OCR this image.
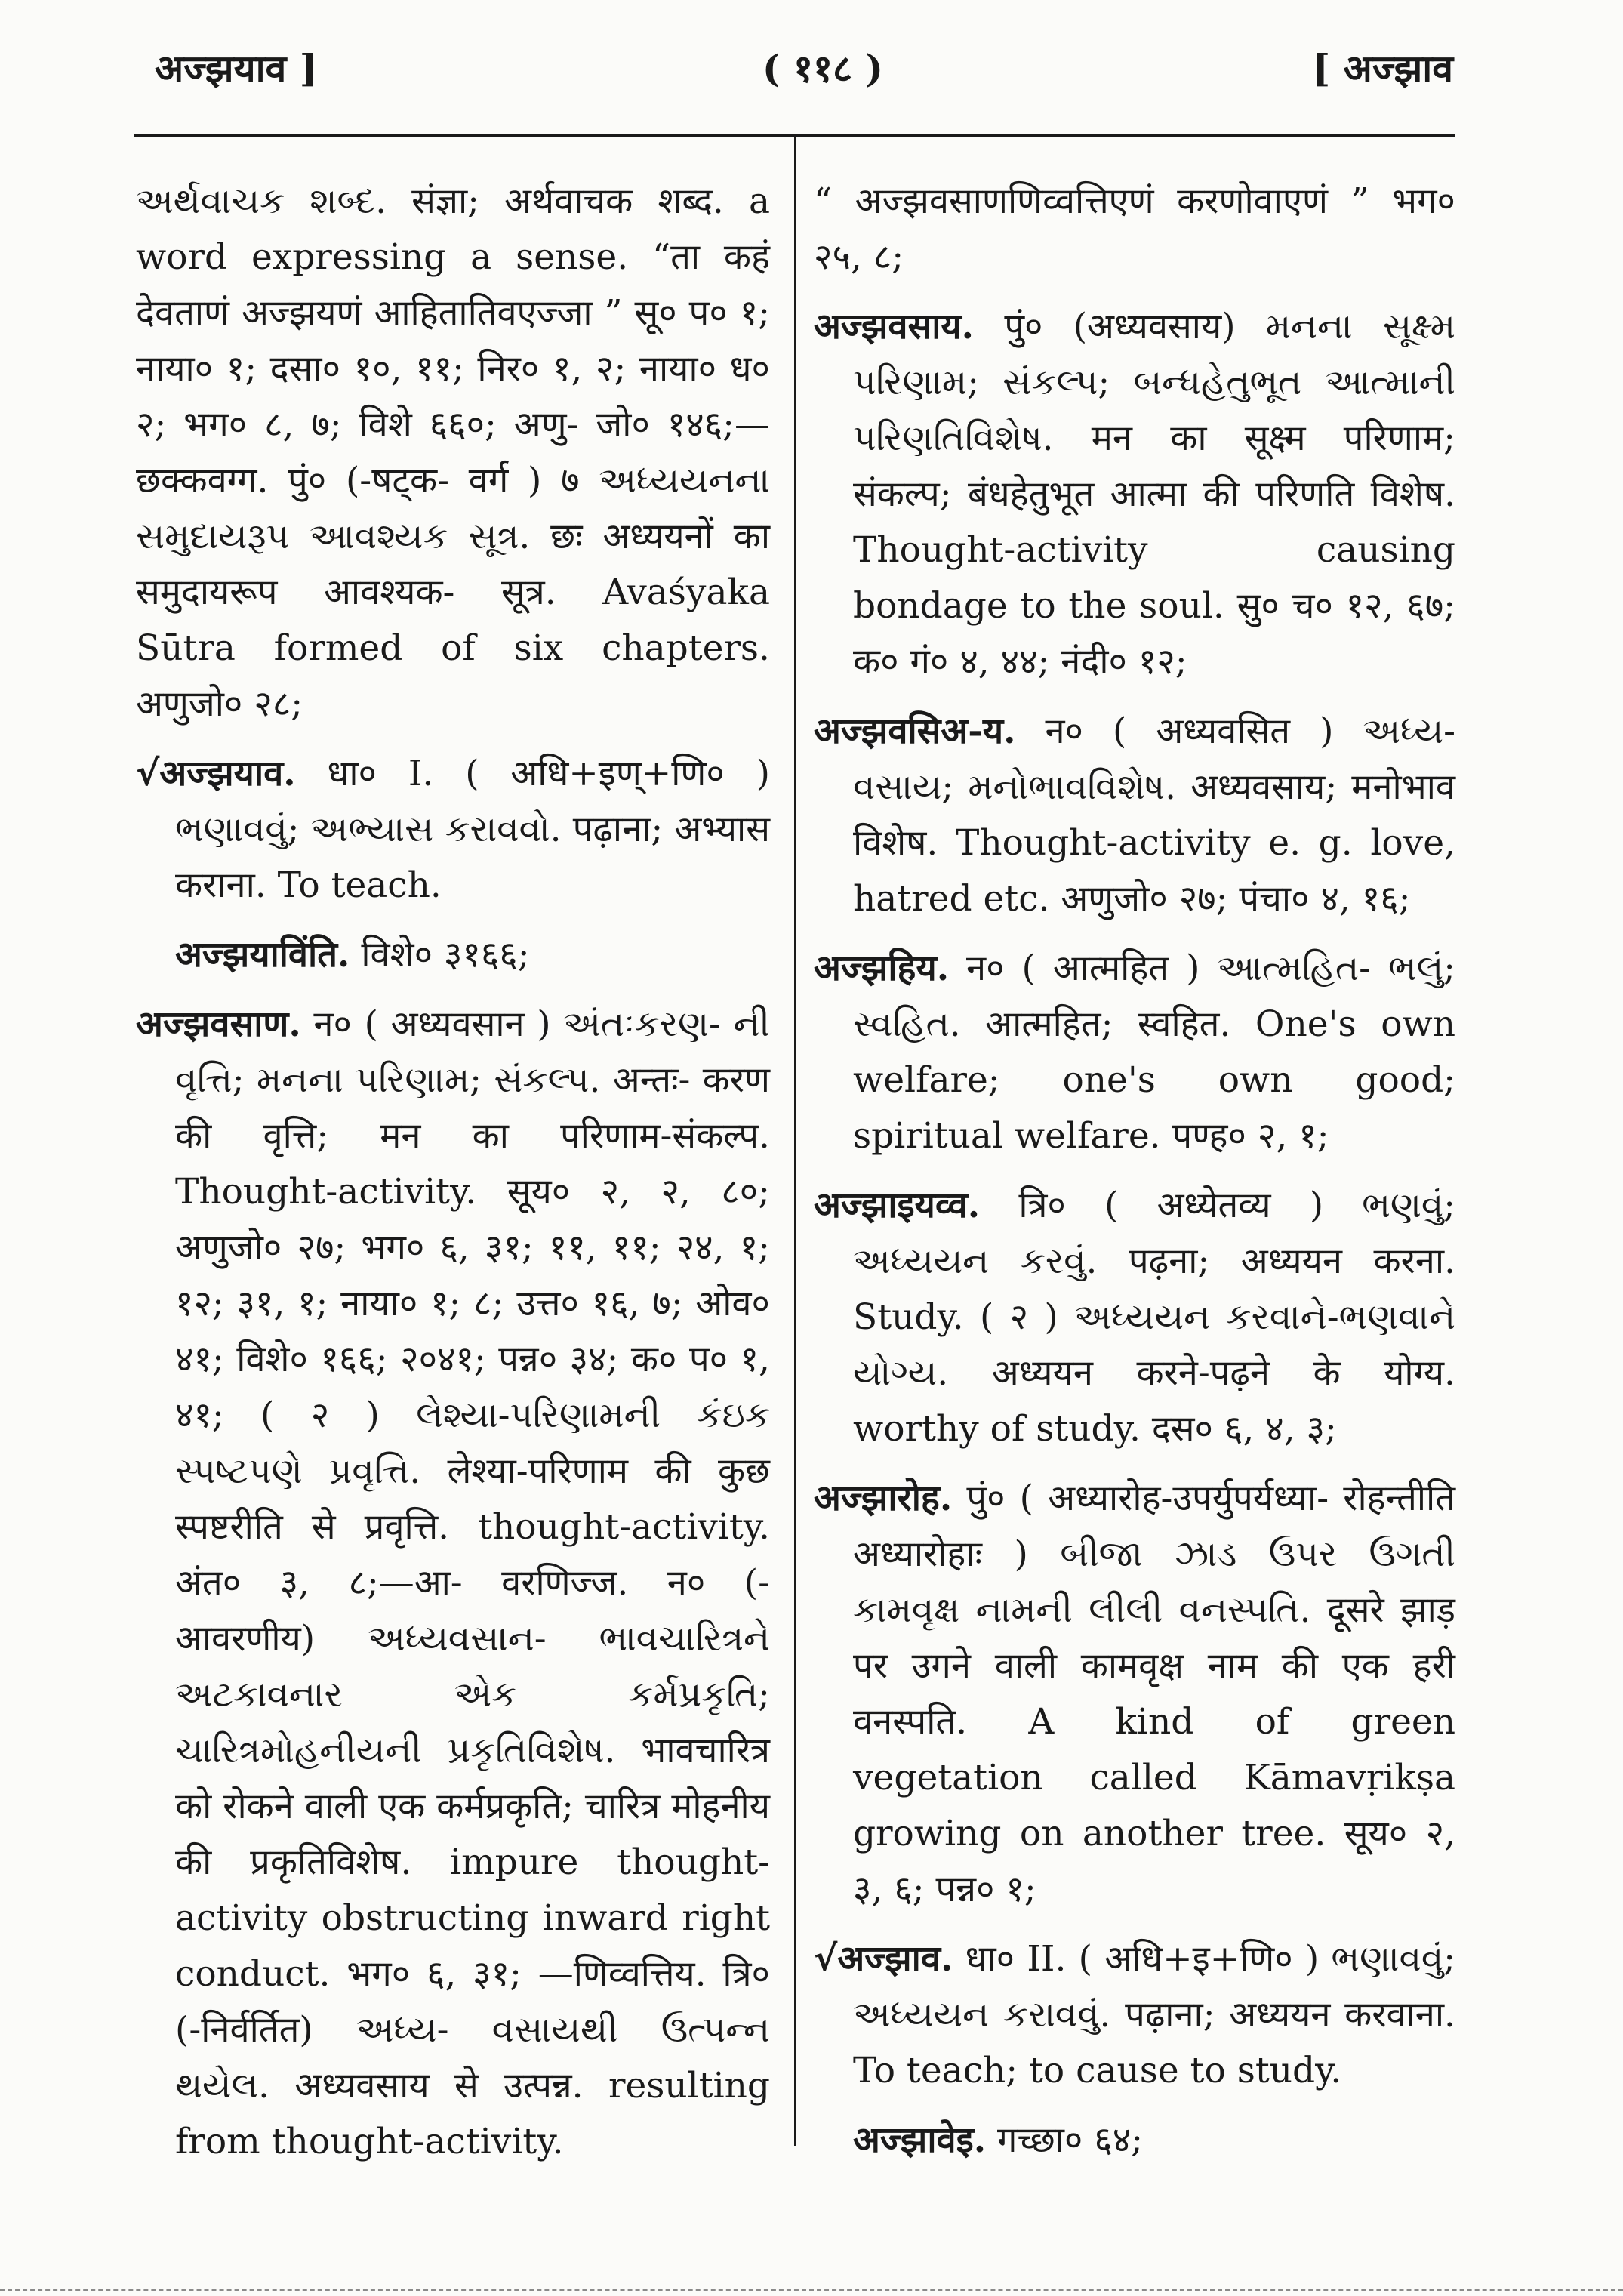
अज्झयाव ]	( ११८ )	[ अज्झाव
અર્થવાચક શબ્દ. संज्ञा; अर्थवाचक शब्द. a word expressing a sense. “ता कहं देवताणं अज्झयणं आहितातिवएज्जा ” सू० प० १; नाया० १; दसा० १०, ११; निर० १, २; नाया० ध० २; भग० ८, ७; विशे ६६०; अणु- जो० १४६;—छक्कवग्ग. पुं० (-षट्क- वर्ग ) ७ અધ્યયનના સમુદાયરૂપ આવશ્યક સૂત્ર. छः अध्ययनों का समुदायरूप आवश्यक- सूत्र. Avaśyaka Sūtra formed of six chapters. अणुजो० २८;
√अज्झयाव. धा० I. ( अधि+इण्+णि० ) ભણાવવું; અભ્યાસ કરાવવો. पढ़ाना; अभ्यास कराना. To teach.
अज्झयाविंति. विशे० ३१६६;
अज्झवसाण. न० ( अध्यवसान ) અંતઃકરણ- ની વૃત્તિ; મનના પરિણામ; સંકલ્પ. अन्तः- करण की वृत्ति; मन का परिणाम-संकल्प. Thought-activity. सूय० २, २, ८०; अणुजो० २७; भग० ६, ३१; ११, ११; २४, १; १२; ३१, १; नाया० १; ८; उत्त० १६, ७; ओव० ४१; विशे० १६६; २०४१; पन्न० ३४; क० प० १, ४१; ( २ ) લેશ્યા-પરિણામની કંઇક સ્પષ્ટપણે પ્રવૃત્તિ. लेश्या-परिणाम की कुछ स्पष्टरीति से प्रवृत्ति. thought-activity. अंत० ३, ८;—आ- वरणिज्ज. न० (-आवरणीय) અધ્યવસાન- ભાવચારિત્રને અટકાવનાર એક કર્મપ્રકૃતિ; ચારિત્રમોહનીયની પ્રકૃતિવિશેષ. भावचारित्र को रोकने वाली एक कर्मप्रकृति; चारित्र मोहनीय की प्रकृतिविशेष. impure thought-activity obstructing inward right conduct. भग० ६, ३१; —णिव्वत्तिय. त्रि० (-निर्वर्तित) અધ્ય- વસાયથી ઉત્પન્ન થયેલ. अध्यवसाय से उत्पन्न. resulting from thought-activity.
“ अज्झवसाणणिव्वत्तिएणं करणोवाएणं ” भग० २५, ८;
अज्झवसाय. पुं० (अध्यवसाय) મનના સૂક્ષ્મ પરિણામ; સંકલ્પ; બન્ધહેતુભૂત આત્માની પરિણતિવિશેષ. मन का सूक्ष्म परिणाम; संकल्प; बंधहेतुभूत आत्मा की परिणति विशेष. Thought-activity causing bondage to the soul. सु० च० १२, ६७; क० गं० ४, ४४; नंदी० १२;
अज्झवसिअ-य. न० ( अध्यवसित ) અધ્ય- વસાય; મનોભાવવિશેષ. अध्यवसाय; मनोभाव विशेष. Thought-activity e. g. love, hatred etc. अणुजो० २७; पंचा० ४, १६;
अज्झहिय. न० ( आत्महित ) આત્મહિત- ભલું; સ્વહિત. आत्महित; स्वहित. One's own welfare; one's own good; spiritual welfare. पण्ह० २, १;
अज्झाइयव्व. त्रि० ( अध्येतव्य ) ભણવું; અધ્યયન કરવું. पढ़ना; अध्ययन करना. Study. ( २ ) અધ્યયન કરવાને-ભણવાને યોગ્ય. अध्ययन करने-पढ़ने के योग्य. worthy of study. दस० ६, ४, ३;
अज्झारोह. पुं० ( अध्यारोह-उपर्युपर्यध्या- रोहन्तीति अध्यारोहाः ) બીજા ઝાડ ઉપર ઉગતી કામવૃક્ષ નામની લીલી વનસ્પતિ. दूसरे झाड़ पर उगने वाली कामवृक्ष नाम की एक हरी वनस्पति. A kind of green vegetation called Kāmavṛikṣa growing on another tree. सूय० २, ३, ६; पन्न० १;
√अज्झाव. धा० II. ( अधि+इ+णि० ) ભણાવવું; અધ્યયન કરાવવું. पढ़ाना; अध्ययन करवाना. To teach; to cause to study.
अज्झावेइ. गच्छा० ६४;
